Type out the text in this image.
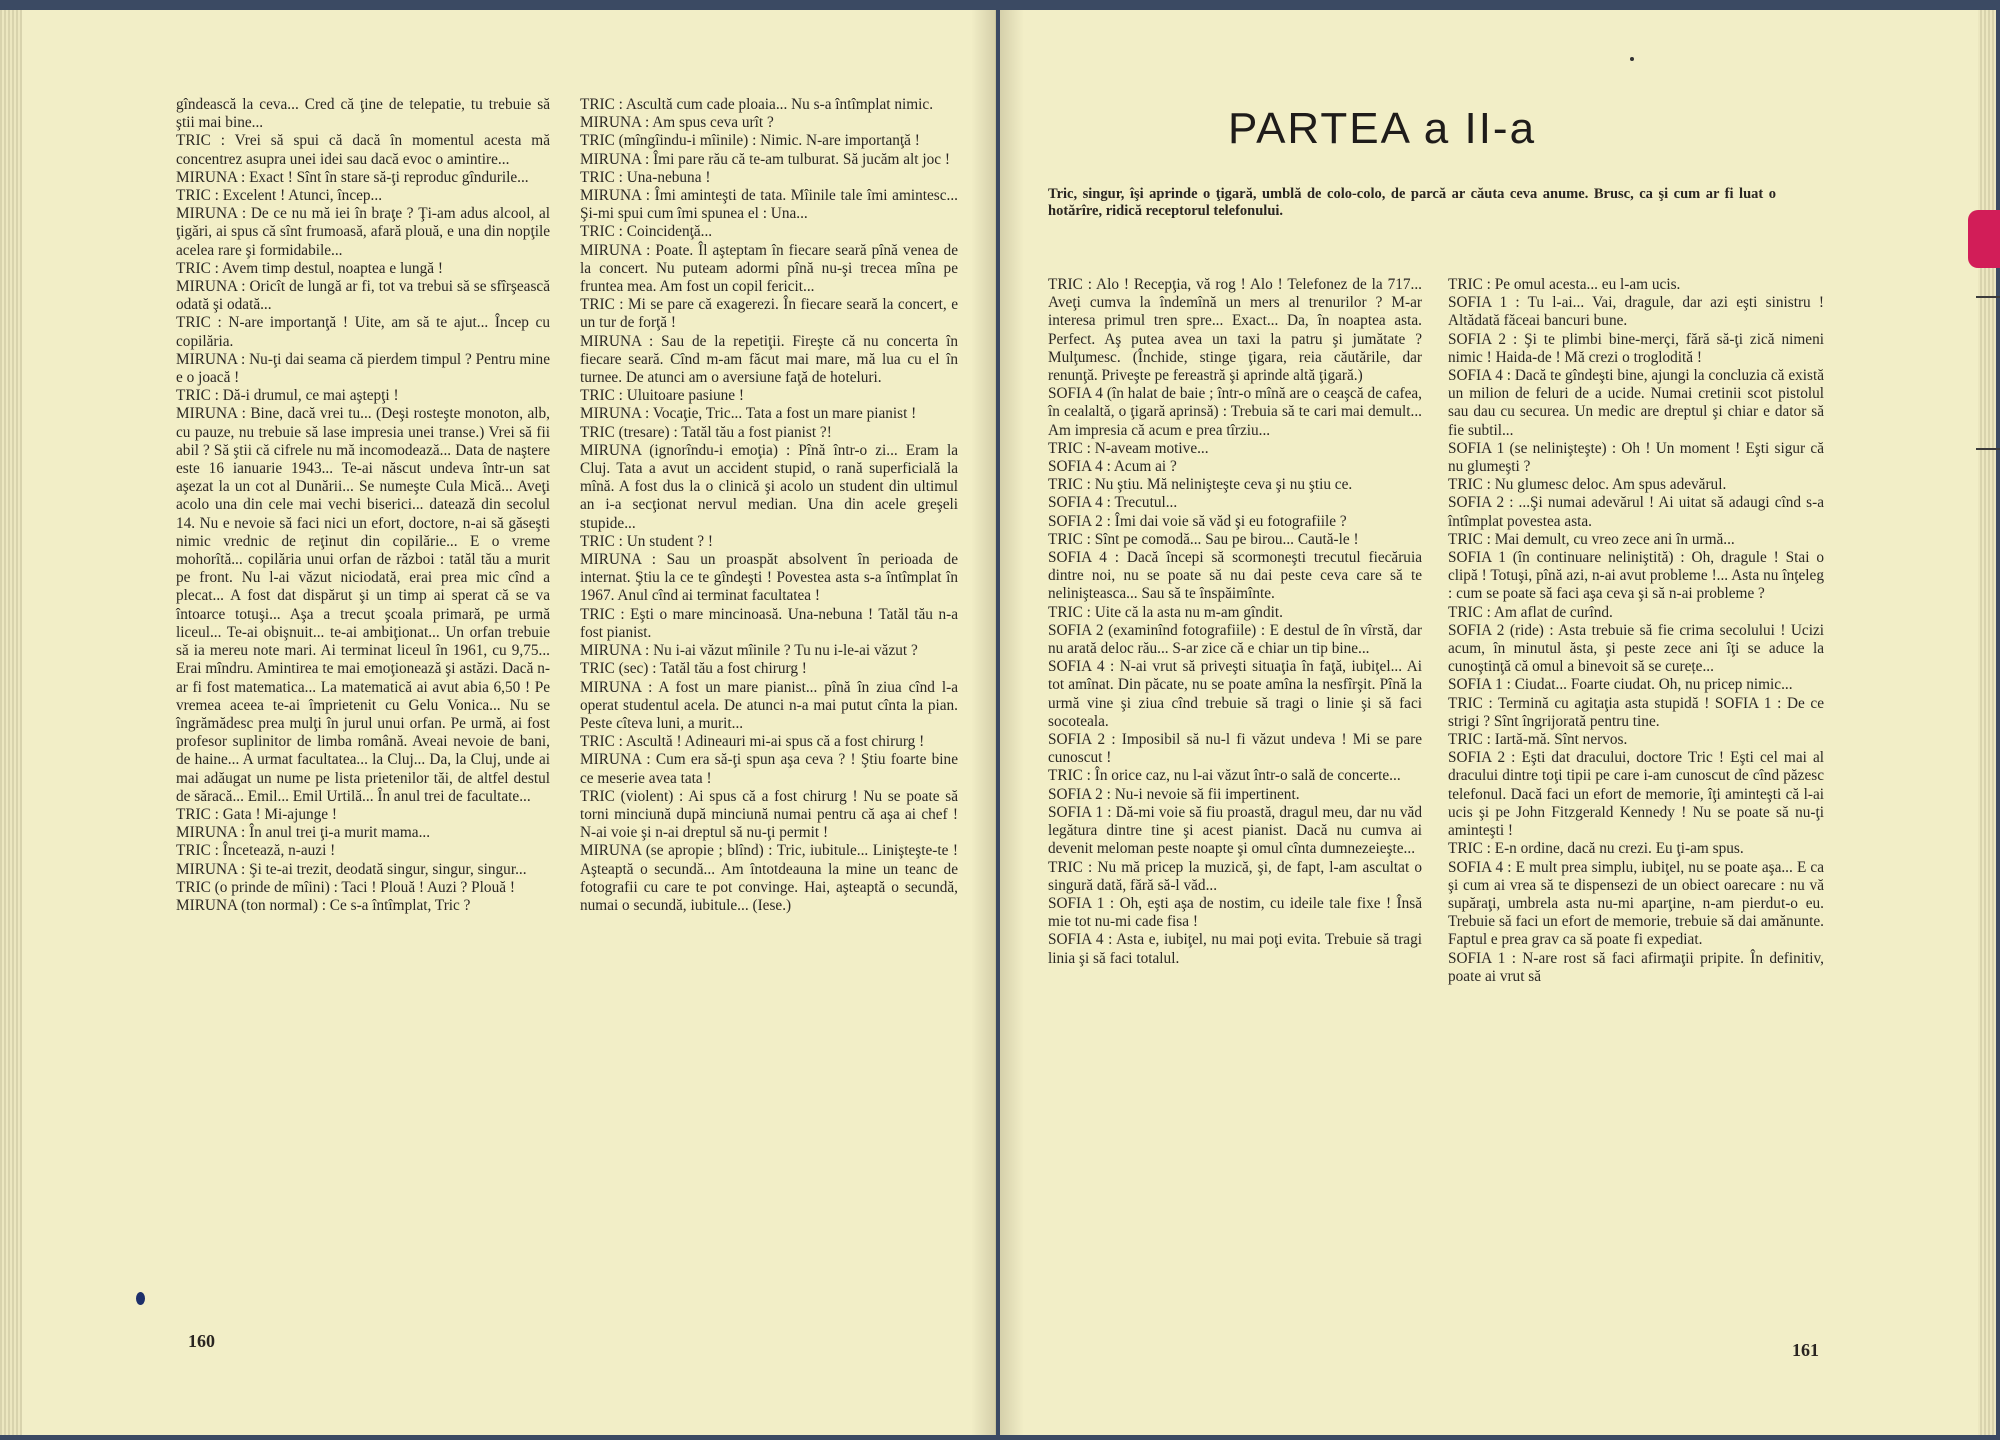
gîndească la ceva... Cred că ţine de telepatie, tu trebuie să ştii mai bine...
TRIC : Vrei să spui că dacă în momentul acesta mă concentrez asupra unei idei sau dacă evoc o amintire...
MIRUNA : Exact ! Sînt în stare să-ţi reproduc gîndurile...
TRIC : Excelent ! Atunci, încep...
MIRUNA : De ce nu mă iei în braţe ? Ţi-am adus alcool, al ţigări, ai spus că sînt frumoasă, afară plouă, e una din nopţile acelea rare şi formidabile...
TRIC : Avem timp destul, noaptea e lungă !
MIRUNA : Oricît de lungă ar fi, tot va trebui să se sfîrşească odată şi odată...
TRIC : N-are importanţă ! Uite, am să te ajut... Încep cu copilăria.
MIRUNA : Nu-ţi dai seama că pierdem timpul ? Pentru mine e o joacă !
TRIC : Dă-i drumul, ce mai aştepţi !
MIRUNA : Bine, dacă vrei tu... (Deşi rosteşte monoton, alb, cu pauze, nu trebuie să lase impresia unei transe.) Vrei să fii abil ? Să ştii că cifrele nu mă incomodează... Data de naştere este 16 ianuarie 1943... Te-ai născut undeva într-un sat aşezat la un cot al Dunării... Se numeşte Cula Mică... Aveţi acolo una din cele mai vechi biserici... datează din secolul 14. Nu e nevoie să faci nici un efort, doctore, n-ai să găseşti nimic vrednic de reţinut din copilărie... E o vreme mohorîtă... copilăria unui orfan de război : tatăl tău a murit pe front. Nu l-ai văzut niciodată, erai prea mic cînd a plecat... A fost dat dispărut şi un timp ai sperat că se va întoarce totuşi... Aşa a trecut şcoala primară, pe urmă liceul... Te-ai obişnuit... te-ai ambiţionat... Un orfan trebuie să ia mereu note mari. Ai terminat liceul în 1961, cu 9,75... Erai mîndru. Amintirea te mai emoţionează şi astăzi. Dacă n-ar fi fost matematica... La matematică ai avut abia 6,50 ! Pe vremea aceea te-ai împrietenit cu Gelu Vonica... Nu se îngrămădesc prea mulţi în jurul unui orfan. Pe urmă, ai fost profesor suplinitor de limba română. Aveai nevoie de bani, de haine... A urmat facultatea... la Cluj... Da, la Cluj, unde ai mai adăugat un nume pe lista prietenilor tăi, de altfel destul de săracă... Emil... Emil Urtilă... În anul trei de facultate...
TRIC : Gata ! Mi-ajunge !
MIRUNA : În anul trei ţi-a murit mama...
TRIC : Încetează, n-auzi !
MIRUNA : Şi te-ai trezit, deodată singur, singur, singur...
TRIC (o prinde de mîini) : Taci ! Plouă ! Auzi ? Plouă !
MIRUNA (ton normal) : Ce s-a întîmplat, Tric ?
TRIC : Ascultă cum cade ploaia... Nu s-a întîmplat nimic.
MIRUNA : Am spus ceva urît ?
TRIC (mîngîindu-i mîinile) : Nimic. N-are importanţă !
MIRUNA : Îmi pare rău că te-am tulburat. Să jucăm alt joc !
TRIC : Una-nebuna !
MIRUNA : Îmi aminteşti de tata. Mîinile tale îmi amintesc... Şi-mi spui cum îmi spunea el : Una...
TRIC : Coincidenţă...
MIRUNA : Poate. Îl aşteptam în fiecare seară pînă venea de la concert. Nu puteam adormi pînă nu-şi trecea mîna pe fruntea mea. Am fost un copil fericit...
TRIC : Mi se pare că exagerezi. În fiecare seară la concert, e un tur de forţă !
MIRUNA : Sau de la repetiţii. Fireşte că nu concerta în fiecare seară. Cînd m-am făcut mai mare, mă lua cu el în turnee. De atunci am o aversiune faţă de hoteluri.
TRIC : Uluitoare pasiune !
MIRUNA : Vocaţie, Tric... Tata a fost un mare pianist !
TRIC (tresare) : Tatăl tău a fost pianist ?!
MIRUNA (ignorîndu-i emoţia) : Pînă într-o zi... Eram la Cluj. Tata a avut un accident stupid, o rană superficială la mînă. A fost dus la o clinică şi acolo un student din ultimul an i-a secţionat nervul median. Una din acele greşeli stupide...
TRIC : Un student ? !
MIRUNA : Sau un proaspăt absolvent în perioada de internat. Ştiu la ce te gîndeşti ! Povestea asta s-a întîmplat în 1967. Anul cînd ai terminat facultatea !
TRIC : Eşti o mare mincinoasă. Una-nebuna ! Tatăl tău n-a fost pianist.
MIRUNA : Nu i-ai văzut mîinile ? Tu nu i-le-ai văzut ?
TRIC (sec) : Tatăl tău a fost chirurg !
MIRUNA : A fost un mare pianist... pînă în ziua cînd l-a operat studentul acela. De atunci n-a mai putut cînta la pian. Peste cîteva luni, a murit...
TRIC : Ascultă ! Adineauri mi-ai spus că a fost chirurg !
MIRUNA : Cum era să-ţi spun aşa ceva ? ! Ştiu foarte bine ce meserie avea tata !
TRIC (violent) : Ai spus că a fost chirurg ! Nu se poate să torni minciună după minciună numai pentru că aşa ai chef ! N-ai voie şi n-ai dreptul să nu-ţi permit !
MIRUNA (se apropie ; blînd) : Tric, iubitule... Linişteşte-te ! Aşteaptă o secundă... Am întotdeauna la mine un teanc de fotografii cu care te pot convinge. Hai, aşteaptă o secundă, numai o secundă, iubitule... (Iese.)
160
PARTEA a II-a
Tric, singur, îşi aprinde o ţigară, umblă de colo-colo, de parcă ar căuta ceva anume. Brusc, ca şi cum ar fi luat o hotărîre, ridică receptorul telefonului.
TRIC : Alo ! Recepţia, vă rog ! Alo ! Telefonez de la 717... Aveţi cumva la îndemînă un mers al trenurilor ? M-ar interesa primul tren spre... Exact... Da, în noaptea asta. Perfect. Aş putea avea un taxi la patru şi jumătate ? Mulţumesc. (Închide, stinge ţigara, reia căutările, dar renunţă. Priveşte pe fereastră şi aprinde altă ţigară.)
SOFIA 4 (în halat de baie ; într-o mînă are o ceaşcă de cafea, în cealaltă, o ţigară aprinsă) : Trebuia să te cari mai demult... Am impresia că acum e prea tîrziu...
TRIC : N-aveam motive...
SOFIA 4 : Acum ai ?
TRIC : Nu ştiu. Mă nelinişteşte ceva şi nu ştiu ce.
SOFIA 4 : Trecutul...
SOFIA 2 : Îmi dai voie să văd şi eu fotografiile ?
TRIC : Sînt pe comodă... Sau pe birou... Caută-le !
SOFIA 4 : Dacă începi să scormoneşti trecutul fiecăruia dintre noi, nu se poate să nu dai peste ceva care să te nelinişteasca... Sau să te înspăimînte.
TRIC : Uite că la asta nu m-am gîndit.
SOFIA 2 (examinînd fotografiile) : E destul de în vîrstă, dar nu arată deloc rău... S-ar zice că e chiar un tip bine...
SOFIA 4 : N-ai vrut să priveşti situaţia în faţă, iubiţel... Ai tot amînat. Din păcate, nu se poate amîna la nesfîrşit. Pînă la urmă vine şi ziua cînd trebuie să tragi o linie şi să faci socoteala.
SOFIA 2 : Imposibil să nu-l fi văzut undeva ! Mi se pare cunoscut !
TRIC : În orice caz, nu l-ai văzut într-o sală de concerte...
SOFIA 2 : Nu-i nevoie să fii impertinent.
SOFIA 1 : Dă-mi voie să fiu proastă, dragul meu, dar nu văd legătura dintre tine şi acest pianist. Dacă nu cumva ai devenit meloman peste noapte şi omul cînta dumnezeieşte...
TRIC : Nu mă pricep la muzică, şi, de fapt, l-am ascultat o singură dată, fără să-l văd...
SOFIA 1 : Oh, eşti aşa de nostim, cu ideile tale fixe ! Însă mie tot nu-mi cade fisa !
SOFIA 4 : Asta e, iubiţel, nu mai poţi evita. Trebuie să tragi linia şi să faci totalul.
TRIC : Pe omul acesta... eu l-am ucis.
SOFIA 1 : Tu l-ai... Vai, dragule, dar azi eşti sinistru ! Altădată făceai bancuri bune.
SOFIA 2 : Şi te plimbi bine-merçi, fără să-ţi zică nimeni nimic ! Haida-de ! Mă crezi o troglodită !
SOFIA 4 : Dacă te gîndeşti bine, ajungi la concluzia că există un milion de feluri de a ucide. Numai cretinii scot pistolul sau dau cu securea. Un medic are dreptul şi chiar e dator să fie subtil...
SOFIA 1 (se nelinişteşte) : Oh ! Un moment ! Eşti sigur că nu glumeşti ?
TRIC : Nu glumesc deloc. Am spus adevărul.
SOFIA 2 : ...Şi numai adevărul ! Ai uitat să adaugi cînd s-a întîmplat povestea asta.
TRIC : Mai demult, cu vreo zece ani în urmă...
SOFIA 1 (în continuare neliniştită) : Oh, dragule ! Stai o clipă ! Totuşi, pînă azi, n-ai avut probleme !... Asta nu înţeleg : cum se poate să faci aşa ceva şi să n-ai probleme ?
TRIC : Am aflat de curînd.
SOFIA 2 (ride) : Asta trebuie să fie crima secolului ! Ucizi acum, în minutul ăsta, şi peste zece ani îţi se aduce la cunoştinţă că omul a binevoit să se curețe...
SOFIA 1 : Ciudat... Foarte ciudat. Oh, nu pricep nimic...
TRIC : Termină cu agitaţia asta stupidă ! SOFIA 1 : De ce strigi ? Sînt îngrijorată pentru tine.
TRIC : Iartă-mă. Sînt nervos.
SOFIA 2 : Eşti dat dracului, doctore Tric ! Eşti cel mai al dracului dintre toţi tipii pe care i-am cunoscut de cînd păzesc telefonul. Dacă faci un efort de memorie, îţi aminteşti că l-ai ucis şi pe John Fitzgerald Kennedy ! Nu se poate să nu-ţi aminteşti !
TRIC : E-n ordine, dacă nu crezi. Eu ţi-am spus.
SOFIA 4 : E mult prea simplu, iubiţel, nu se poate aşa... E ca şi cum ai vrea să te dispensezi de un obiect oarecare : nu vă supăraţi, umbrela asta nu-mi aparţine, n-am pierdut-o eu. Trebuie să faci un efort de memorie, trebuie să dai amănunte. Faptul e prea grav ca să poate fi expediat.
SOFIA 1 : N-are rost să faci afirmaţii pripite. În definitiv, poate ai vrut să
161
